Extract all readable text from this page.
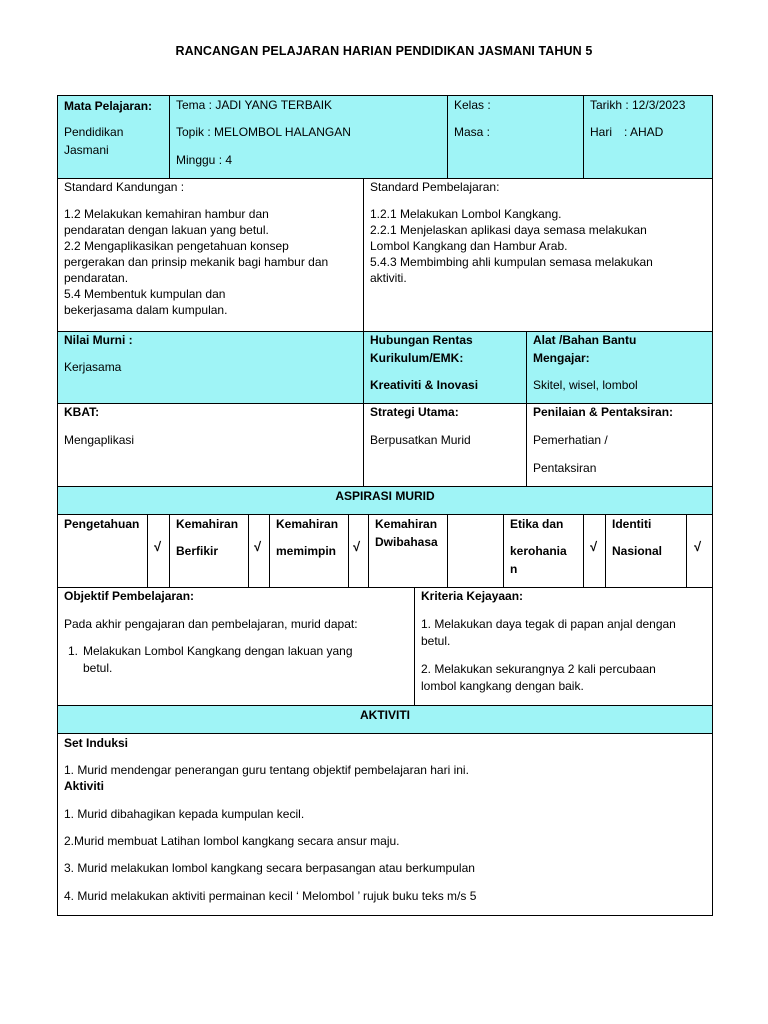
RANCANGAN PELAJARAN HARIAN PENDIDIKAN JASMANI TAHUN 5
Mata Pelajaran:
Pendidikan
Jasmani
Tema : JADI YANG TERBAIK
Topik : MELOMBOL HALANGAN
Minggu : 4
Kelas :
Masa :
Tarikh : 12/3/2023
Hari : AHAD
Standard Kandungan :
1.2 Melakukan kemahiran hambur dan
pendaratan dengan lakuan yang betul.
2.2 Mengaplikasikan pengetahuan konsep
pergerakan dan prinsip mekanik bagi hambur dan
pendaratan.
5.4 Membentuk kumpulan dan
bekerjasama dalam kumpulan.
Standard Pembelajaran:
1.2.1 Melakukan Lombol Kangkang.
2.2.1 Menjelaskan aplikasi daya semasa melakukan
Lombol Kangkang dan Hambur Arab.
5.4.3 Membimbing ahli kumpulan semasa melakukan
aktiviti.
Nilai Murni :
Kerjasama
Hubungan Rentas
Kurikulum/EMK:
Kreativiti & Inovasi
Alat /Bahan Bantu
Mengajar:
Skitel, wisel, lombol
KBAT:
Mengaplikasi
Strategi Utama:
Berpusatkan Murid
Penilaian & Pentaksiran:
Pemerhatian /
Pentaksiran
ASPIRASI MURID
Pengetahuan
√
Kemahiran
Berfikir	√
Kemahiran
memimpin √
Kemahiran
Dwibahasa
Etika dan
kerohania
n
√
Identiti
Nasional √
Objektif Pembelajaran:
Pada akhir pengajaran dan pembelajaran, murid dapat:
1. Melakukan Lombol Kangkang dengan lakuan yang
betul.
Kriteria Kejayaan:
1. Melakukan daya tegak di papan anjal dengan
betul.
2. Melakukan sekurangnya 2 kali percubaan
lombol kangkang dengan baik.
AKTIVITI
Set Induksi
1. Murid mendengar penerangan guru tentang objektif pembelajaran hari ini.
Aktiviti
1. Murid dibahagikan kepada kumpulan kecil.
2.Murid membuat Latihan lombol kangkang secara ansur maju.
3. Murid melakukan lombol kangkang secara berpasangan atau berkumpulan
4. Murid melakukan aktiviti permainan kecil ‘ Melombol ’ rujuk buku teks m/s 5
